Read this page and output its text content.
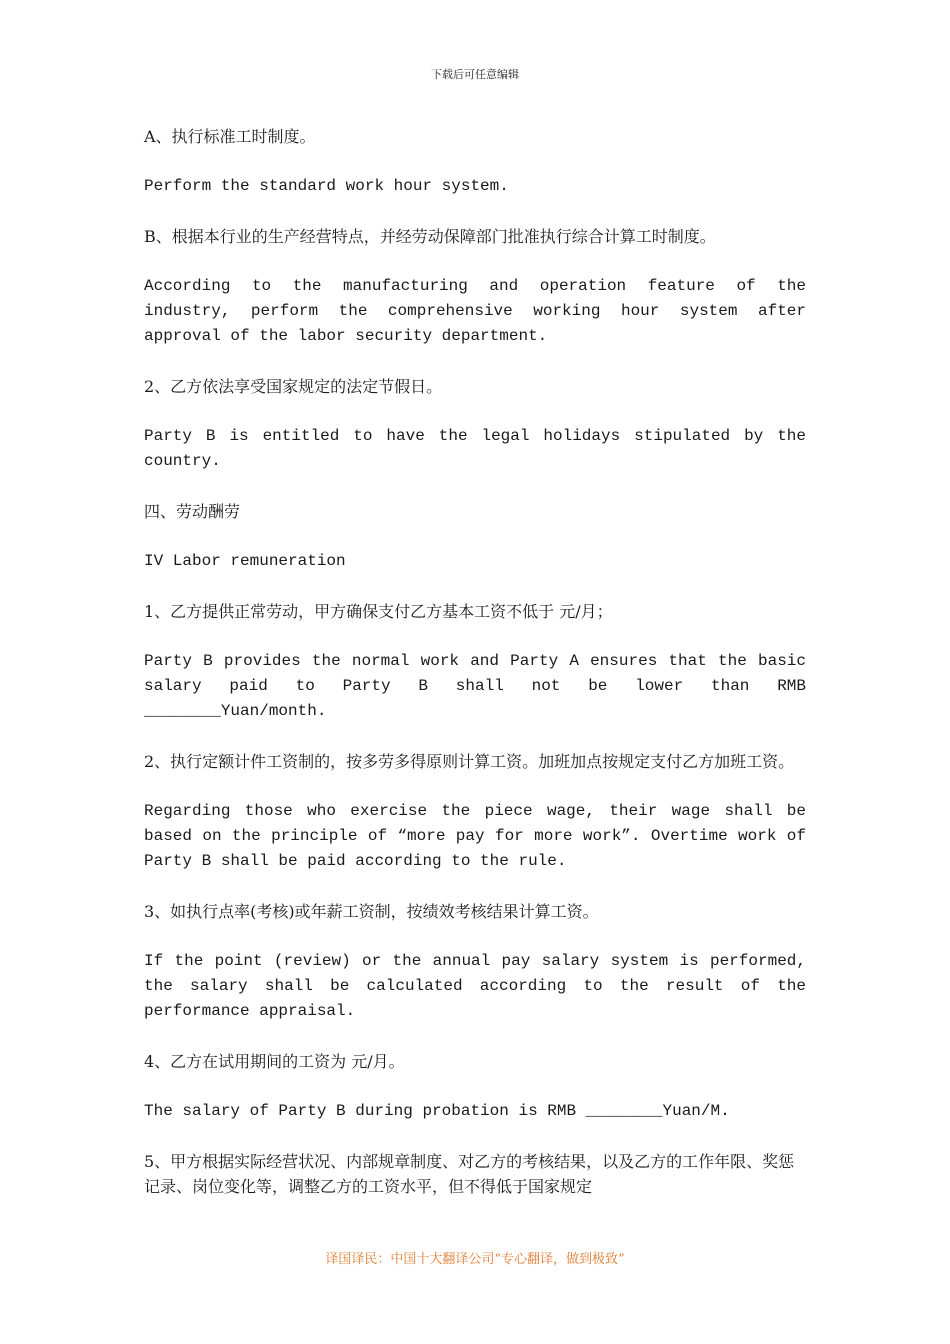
下载后可任意编辑

A、执行标准工时制度。

Perform the standard work hour system.

B、根据本行业的生产经营特点，并经劳动保障部门批准执行综合计算工时制度。

According to the manufacturing and operation feature of the industry, perform the comprehensive working hour system after approval of the labor security department.

2、乙方依法享受国家规定的法定节假日。

Party B is entitled to have the legal holidays stipulated by the country.

四、劳动酬劳

IV Labor remuneration

1、乙方提供正常劳动，甲方确保支付乙方基本工资不低于 元/月；

Party B provides the normal work and Party A ensures that the basic salary paid to Party B shall not be lower than RMB ________Yuan/month.

2、执行定额计件工资制的，按多劳多得原则计算工资。加班加点按规定支付乙方加班工资。

Regarding those who exercise the piece wage, their wage shall be based on the principle of “more pay for more work”. Overtime work of Party B shall be paid according to the rule.

3、如执行点率(考核)或年薪工资制，按绩效考核结果计算工资。

If the point (review) or the annual pay salary system is performed, the salary shall be calculated according to the result of the performance appraisal.

4、乙方在试用期间的工资为 元/月。

The salary of Party B during probation is RMB ________Yuan/M.

5、甲方根据实际经营状况、内部规章制度、对乙方的考核结果，以及乙方的工作年限、奖惩记录、岗位变化等，调整乙方的工资水平，但不得低于国家规定

译国译民：中国十大翻译公司“专心翻译，做到极致”
